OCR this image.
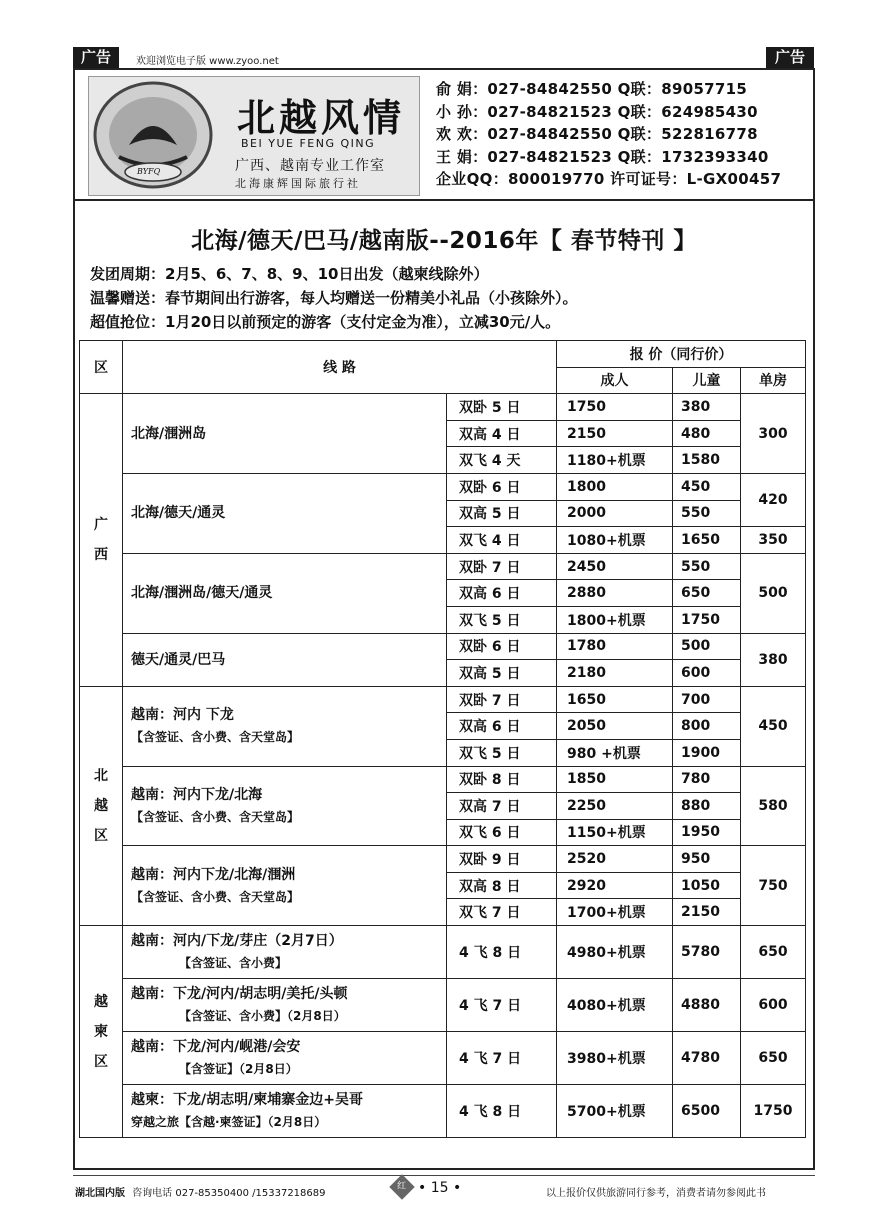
广告	欢迎浏览电子版 www.zyoo.net	广告
BYFQ
北越风情
BEI YUE FENG QING
广西、越南专业工作室
北海康辉国际旅行社
俞 娟：027-84842550 Q联：89057715
小 孙：027-84821523 Q联：624985430
欢 欢：027-84842550 Q联：522816778
王 娟：027-84821523 Q联：1732393340
企业QQ：800019770 许可证号：L-GX00457
北海/德天/巴马/越南版--2016年【 春节特刊 】
发团周期：2月5、6、7、8、9、10日出发（越柬线除外）
温馨赠送：春节期间出行游客，每人均赠送一份精美小礼品（小孩除外）。
超值抢位：1月20日以前预定的游客（支付定金为准），立减30元/人。
区	线 路		报 价（同行价）		
			成人	儿童	单房
广西	北海/涠洲岛	双卧 5 日	1750	380	300
		双高 4 日	2150	480	
		双飞 4 天	1180+机票	1580	
	北海/德天/通灵	双卧 6 日	1800	450	420
		双高 5 日	2000	550	
		双飞 4 日	1080+机票	1650	350
	北海/涠洲岛/德天/通灵	双卧 7 日	2450	550	500
		双高 6 日	2880	650	
		双飞 5 日	1800+机票	1750	
	德天/通灵/巴马	双卧 6 日	1780	500	380
		双高 5 日	2180	600	
北越区	越南：河内 下龙
【含签证、含小费、含天堂岛】	双卧 7 日	1650	700	450
		双高 6 日	2050	800	
		双飞 5 日	980 +机票	1900	
	越南：河内下龙/北海
【含签证、含小费、含天堂岛】	双卧 8 日	1850	780	580
		双高 7 日	2250	880	
		双飞 6 日	1150+机票	1950	
	越南：河内下龙/北海/涠洲
【含签证、含小费、含天堂岛】	双卧 9 日	2520	950	750
		双高 8 日	2920	1050	
		双飞 7 日	1700+机票	2150	
越柬区	越南：河内/下龙/芽庄（2月7日）
【含签证、含小费】	4 飞 8 日	4980+机票	5780	650
	越南：下龙/河内/胡志明/美托/头顿
【含签证、含小费】（2月8日）	4 飞 7 日	4080+机票	4880	600
	越南：下龙/河内/岘港/会安
【含签证】（2月8日）	4 飞 7 日	3980+机票	4780	650
	越柬：下龙/胡志明/柬埔寨金边+吴哥
穿越之旅【含越·柬签证】（2月8日）	4 飞 8 日	5700+机票	6500	1750
湖北国内版 咨询电话 027-85350400 /15337218689
红 • 15 •	以上报价仅供旅游同行参考，消费者请勿参阅此书
